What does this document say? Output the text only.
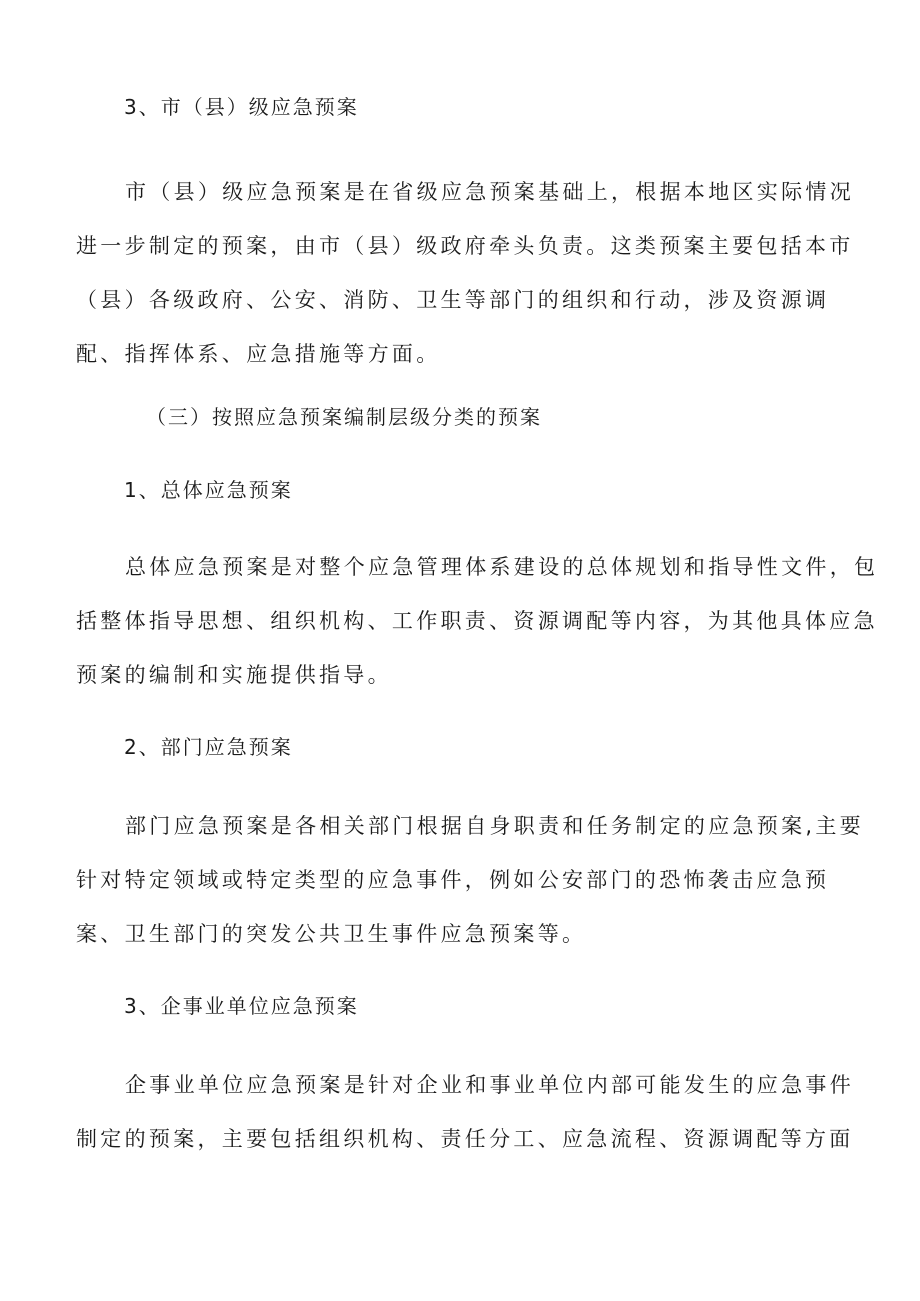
3、市（县）级应急预案
市（县）级应急预案是在省级应急预案基础上，根据本地区实际情况
进一步制定的预案，由市（县）级政府牵头负责。这类预案主要包括本市
（县）各级政府、公安、消防、卫生等部门的组织和行动，涉及资源调
配、指挥体系、应急措施等方面。
（三）按照应急预案编制层级分类的预案
1、总体应急预案
总体应急预案是对整个应急管理体系建设的总体规划和指导性文件，包
括整体指导思想、组织机构、工作职责、资源调配等内容，为其他具体应急
预案的编制和实施提供指导。
2、部门应急预案
部门应急预案是各相关部门根据自身职责和任务制定的应急预案,主要
针对特定领域或特定类型的应急事件，例如公安部门的恐怖袭击应急预
案、卫生部门的突发公共卫生事件应急预案等。
3、企事业单位应急预案
企事业单位应急预案是针对企业和事业单位内部可能发生的应急事件
制定的预案，主要包括组织机构、责任分工、应急流程、资源调配等方面
